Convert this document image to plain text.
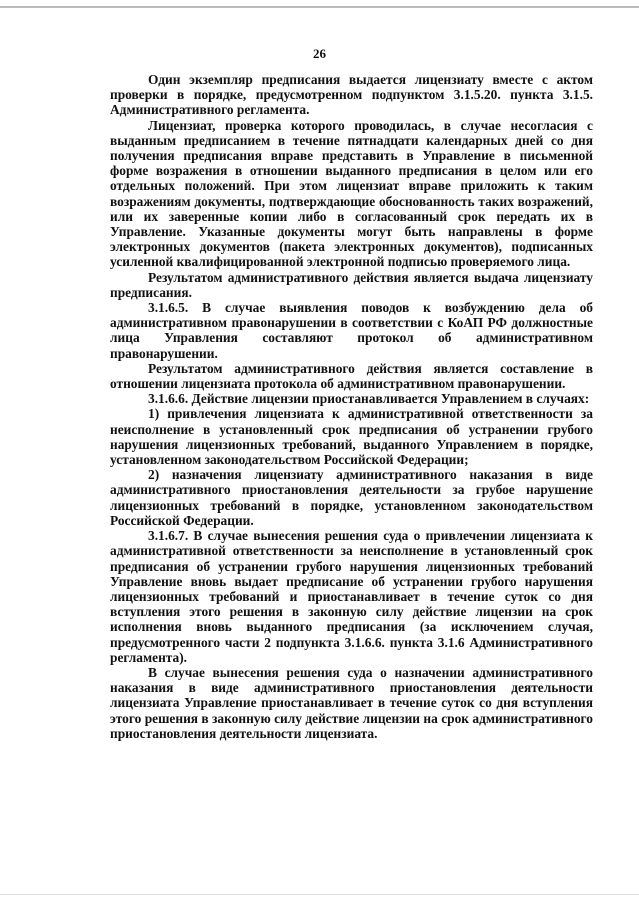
26

Один экземпляр предписания выдается лицензиату вместе с актом проверки в порядке, предусмотренном подпунктом 3.1.5.20. пункта 3.1.5. Административного регламента.

Лицензиат, проверка которого проводилась, в случае несогласия с выданным предписанием в течение пятнадцати календарных дней со дня получения предписания вправе представить в Управление в письменной форме возражения в отношении выданного предписания в целом или его отдельных положений. При этом лицензиат вправе приложить к таким возражениям документы, подтверждающие обоснованность таких возражений, или их заверенные копии либо в согласованный срок передать их в Управление. Указанные документы могут быть направлены в форме электронных документов (пакета электронных документов), подписанных усиленной квалифицированной электронной подписью проверяемого лица.

Результатом административного действия является выдача лицензиату предписания.

3.1.6.5. В случае выявления поводов к возбуждению дела об административном правонарушении в соответствии с КоАП РФ должностные лица Управления составляют протокол об административном правонарушении.

Результатом административного действия является составление в отношении лицензиата протокола об административном правонарушении.

3.1.6.6. Действие лицензии приостанавливается Управлением в случаях:

1) привлечения лицензиата к административной ответственности за неисполнение в установленный срок предписания об устранении грубого нарушения лицензионных требований, выданного Управлением в порядке, установленном законодательством Российской Федерации;

2) назначения лицензиату административного наказания в виде административного приостановления деятельности за грубое нарушение лицензионных требований в порядке, установленном законодательством Российской Федерации.

3.1.6.7. В случае вынесения решения суда о привлечении лицензиата к административной ответственности за неисполнение в установленный срок предписания об устранении грубого нарушения лицензионных требований Управление вновь выдает предписание об устранении грубого нарушения лицензионных требований и приостанавливает в течение суток со дня вступления этого решения в законную силу действие лицензии на срок исполнения вновь выданного предписания (за исключением случая, предусмотренного части 2 подпункта 3.1.6.6. пункта 3.1.6 Административного регламента).

В случае вынесения решения суда о назначении административного наказания в виде административного приостановления деятельности лицензиата Управление приостанавливает в течение суток со дня вступления этого решения в законную силу действие лицензии на срок административного приостановления деятельности лицензиата.
